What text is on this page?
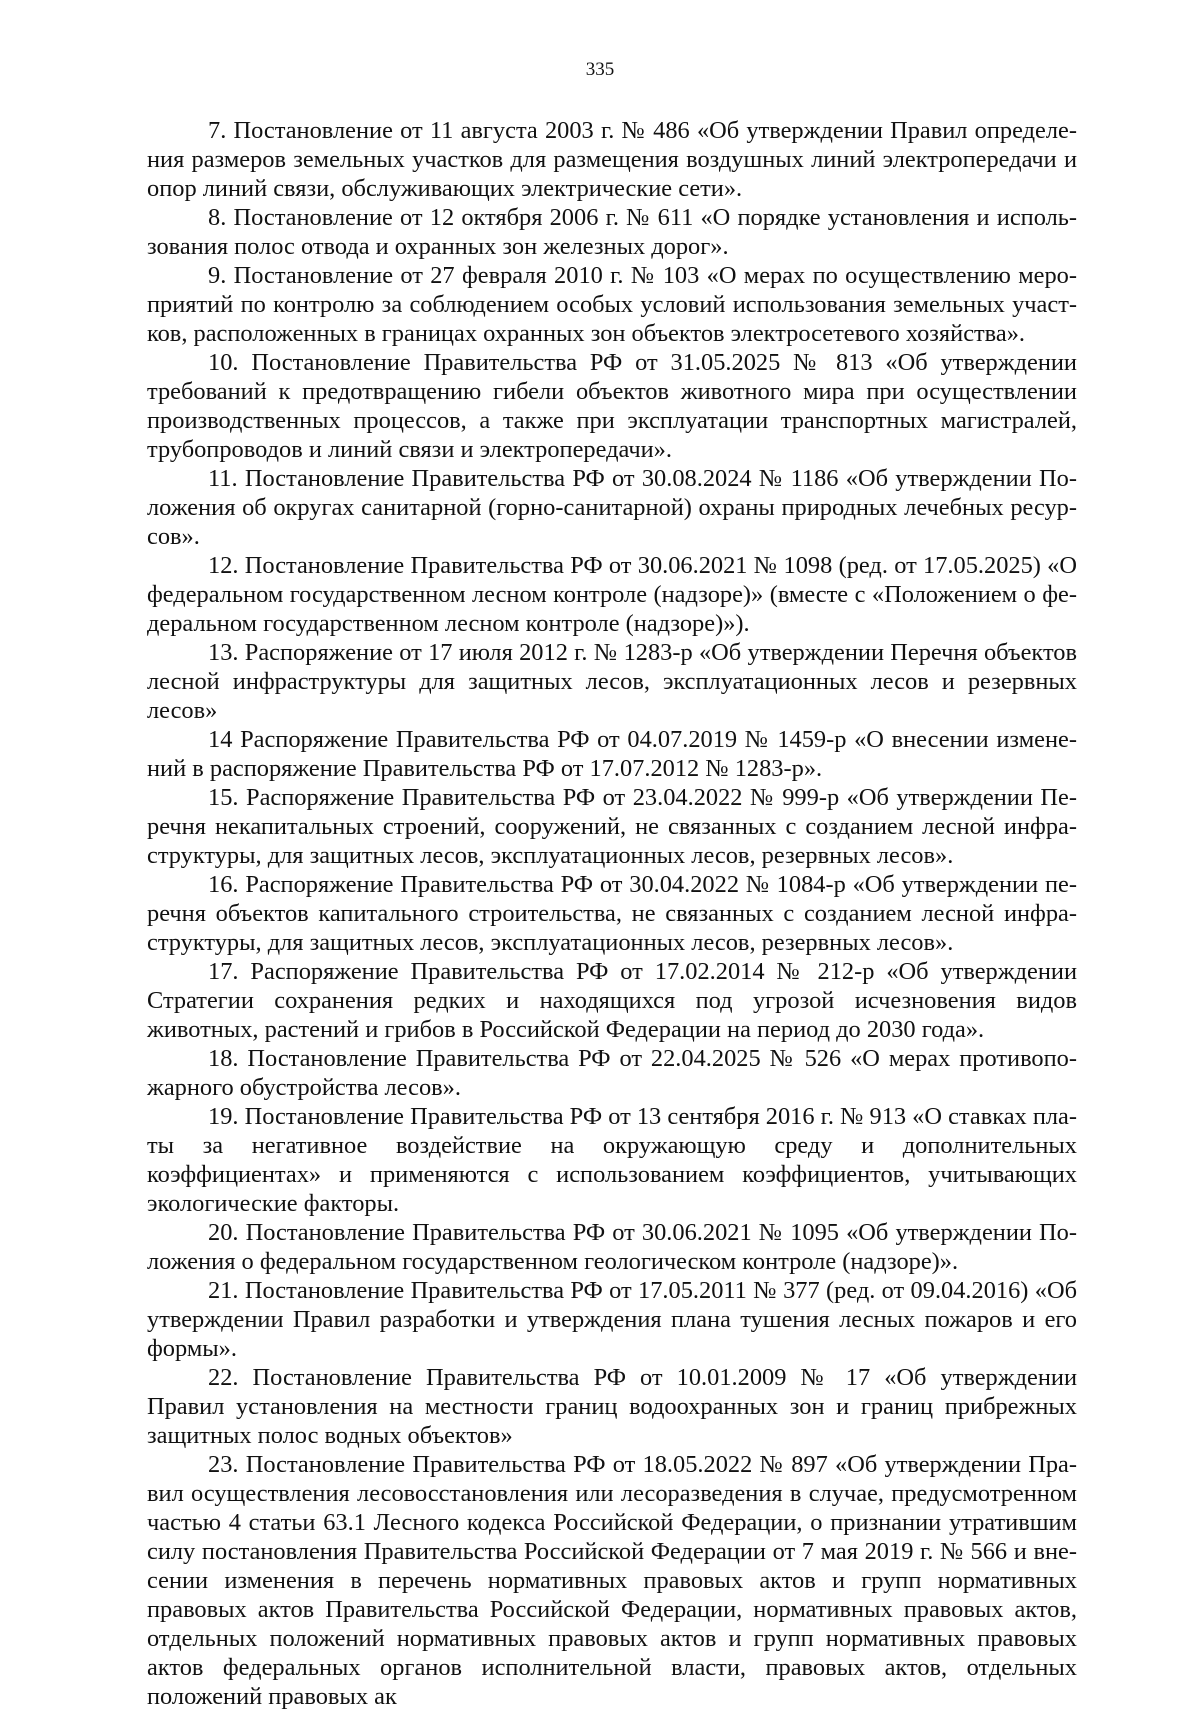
335

7. Постановление от 11 августа 2003 г. № 486 «Об утверждении Правил определения размеров земельных участков для размещения воздушных линий электропередачи и опор линий связи, обслуживающих электрические сети».

8. Постановление от 12 октября 2006 г. № 611 «О порядке установления и использования полос отвода и охранных зон железных дорог».

9. Постановление от 27 февраля 2010 г. № 103 «О мерах по осуществлению мероприятий по контролю за соблюдением особых условий использования земельных участков, расположенных в границах охранных зон объектов электросетевого хозяйства».

10. Постановление Правительства РФ от 31.05.2025 № 813 «Об утверждении требований к предотвращению гибели объектов животного мира при осуществлении производственных процессов, а также при эксплуатации транспортных магистралей, трубопроводов и линий связи и электропередачи».

11. Постановление Правительства РФ от 30.08.2024 № 1186 «Об утверждении Положения об округах санитарной (горно-санитарной) охраны природных лечебных ресурсов».

12. Постановление Правительства РФ от 30.06.2021 № 1098 (ред. от 17.05.2025) «О федеральном государственном лесном контроле (надзоре)» (вместе с «Положением о федеральном государственном лесном контроле (надзоре)»).

13. Распоряжение от 17 июля 2012 г. № 1283-р «Об утверждении Перечня объектов лесной инфраструктуры для защитных лесов, эксплуатационных лесов и резервных лесов»

14 Распоряжение Правительства РФ от 04.07.2019 № 1459-р «О внесении изменений в распоряжение Правительства РФ от 17.07.2012 № 1283-р».

15. Распоряжение Правительства РФ от 23.04.2022 № 999-р «Об утверждении Перечня некапитальных строений, сооружений, не связанных с созданием лесной инфраструктуры, для защитных лесов, эксплуатационных лесов, резервных лесов».

16. Распоряжение Правительства РФ от 30.04.2022 № 1084-р «Об утверждении перечня объектов капитального строительства, не связанных с созданием лесной инфраструктуры, для защитных лесов, эксплуатационных лесов, резервных лесов».

17. Распоряжение Правительства РФ от 17.02.2014 № 212-р «Об утверждении Стратегии сохранения редких и находящихся под угрозой исчезновения видов животных, растений и грибов в Российской Федерации на период до 2030 года».

18. Постановление Правительства РФ от 22.04.2025 № 526 «О мерах противопожарного обустройства лесов».

19. Постановление Правительства РФ от 13 сентября 2016 г. № 913 «О ставках платы за негативное воздействие на окружающую среду и дополнительных коэффициентах» и применяются с использованием коэффициентов, учитывающих экологические факторы.

20. Постановление Правительства РФ от 30.06.2021 № 1095 «Об утверждении Положения о федеральном государственном геологическом контроле (надзоре)».

21. Постановление Правительства РФ от 17.05.2011 № 377 (ред. от 09.04.2016) «Об утверждении Правил разработки и утверждения плана тушения лесных пожаров и его формы».

22. Постановление Правительства РФ от 10.01.2009 № 17 «Об утверждении Правил установления на местности границ водоохранных зон и границ прибрежных защитных полос водных объектов»

23. Постановление Правительства РФ от 18.05.2022 № 897 «Об утверждении Правил осуществления лесовосстановления или лесоразведения в случае, предусмотренном частью 4 статьи 63.1 Лесного кодекса Российской Федерации, о признании утратившим силу постановления Правительства Российской Федерации от 7 мая 2019 г. № 566 и внесении изменения в перечень нормативных правовых актов и групп нормативных правовых актов Правительства Российской Федерации, нормативных правовых актов, отдельных положений нормативных правовых актов и групп нормативных правовых актов федеральных органов исполнительной власти, правовых актов, отдельных положений правовых ак
